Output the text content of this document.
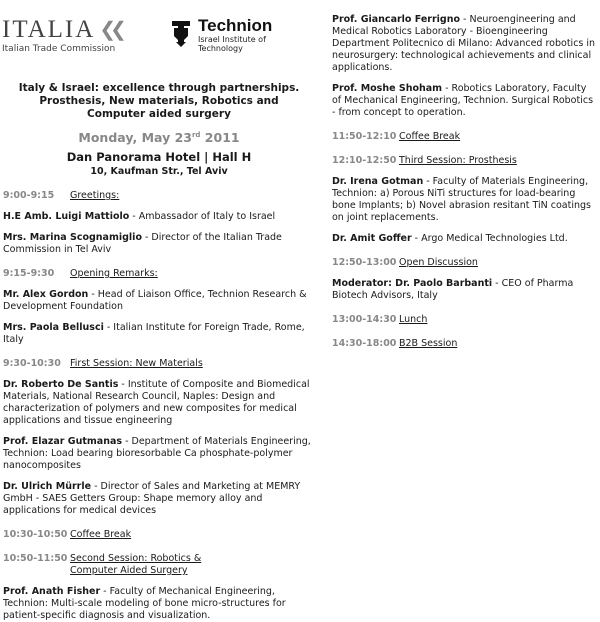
ITALIA ❮❮
Italian Trade Commission
Technion
Israel Institute of
Technology
Italy & Israel: excellence through partnerships.
Prosthesis, New materials, Robotics and
Computer aided surgery
Monday, May 23rd 2011
Dan Panorama Hotel | Hall H
10, Kaufman Str., Tel Aviv
9:00-9:15	Greetings:
H.E Amb. Luigi Mattiolo - Ambassador of Italy to Israel
Mrs. Marina Scognamiglio - Director of the Italian Trade Commission in Tel Aviv
9:15-9:30	Opening Remarks:
Mr. Alex Gordon - Head of Liaison Office, Technion Research & Development Foundation
Mrs. Paola Bellusci - Italian Institute for Foreign Trade, Rome, Italy
9:30-10:30 First Session: New Materials
Dr. Roberto De Santis - Institute of Composite and Biomedical Materials, National Research Council, Naples: Design and characterization of polymers and new composites for medical applications and tissue engineering
Prof. Elazar Gutmanas - Department of Materials Engineering, Technion: Load bearing bioresorbable Ca phosphate-polymer nanocomposites
Dr. Ulrich Mürrle - Director of Sales and Marketing at MEMRY GmbH - SAES Getters Group: Shape memory alloy and applications for medical devices
10:30-10:50 Coffee Break
10:50-11:50 Second Session: Robotics & Computer Aided Surgery
Prof. Anath Fisher - Faculty of Mechanical Engineering, Technion: Multi-scale modeling of bone micro-structures for patient-specific diagnosis and visualization.
Prof. Giancarlo Ferrigno - Neuroengineering and Medical Robotics Laboratory - Bioengineering Department Politecnico di Milano: Advanced robotics in neurosurgery: technological achievements and clinical applications.
Prof. Moshe Shoham - Robotics Laboratory, Faculty of Mechanical Engineering, Technion. Surgical Robotics - from concept to operation.
11:50-12:10 Coffee Break
12:10-12:50 Third Session: Prosthesis
Dr. Irena Gotman - Faculty of Materials Engineering, Technion: a) Porous NiTi structures for load-bearing bone Implants; b) Novel abrasion resitant TiN coatings on joint replacements.
Dr. Amit Goffer - Argo Medical Technologies Ltd.
12:50-13:00 Open Discussion
Moderator: Dr. Paolo Barbanti - CEO of Pharma Biotech Advisors, Italy
13:00-14:30 Lunch
14:30-18:00 B2B Session
